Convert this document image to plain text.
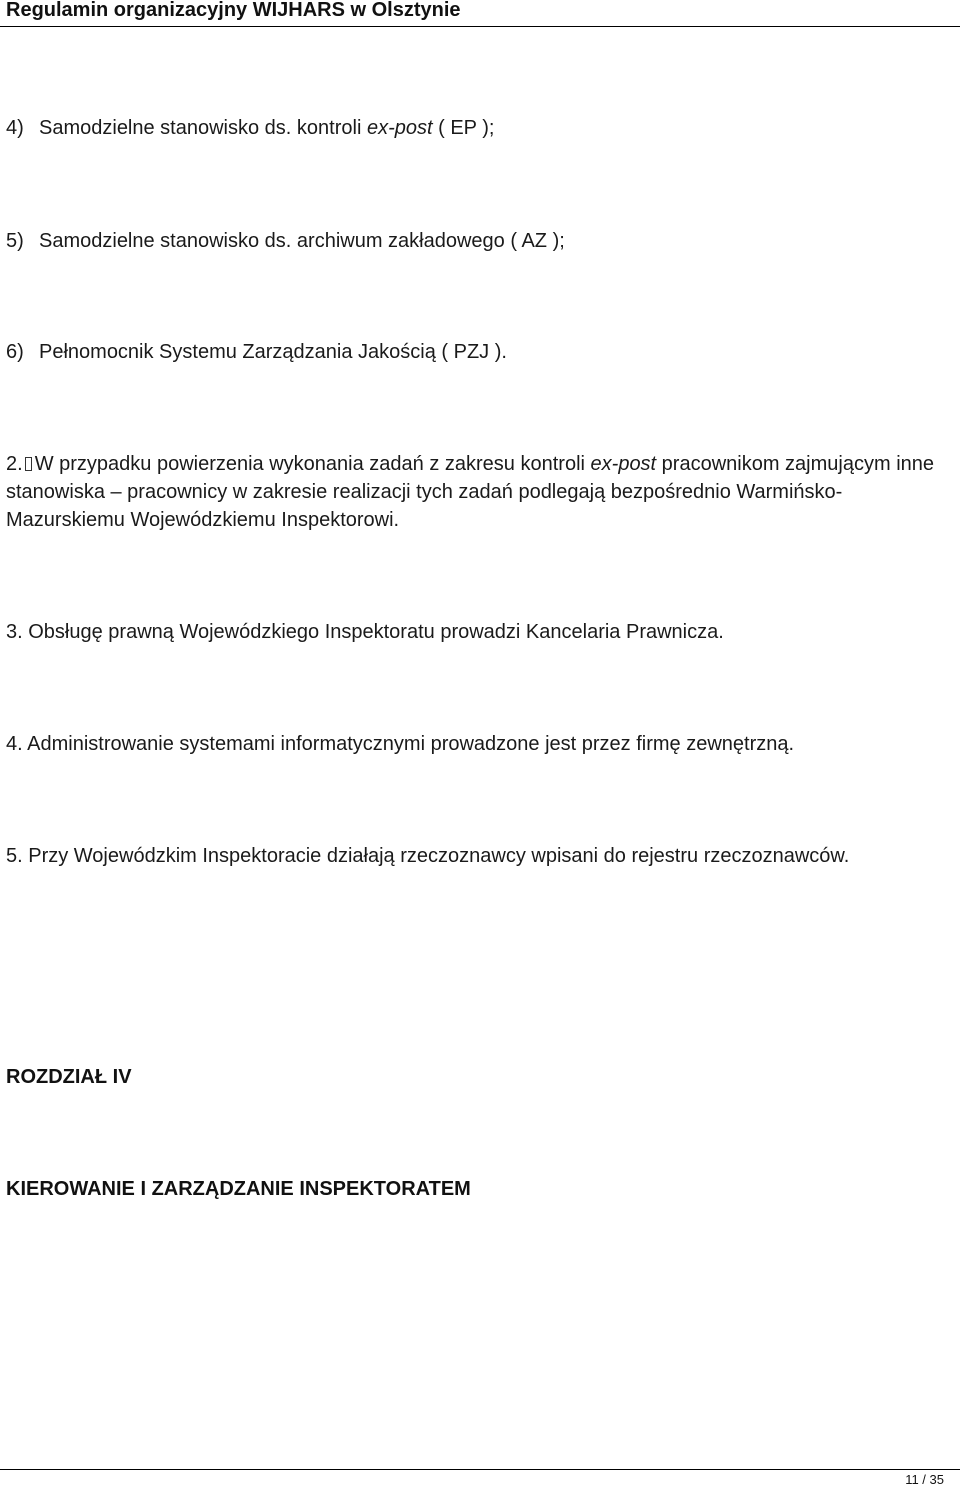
Regulamin organizacyjny WIJHARS w Olsztynie
4) Samodzielne stanowisko ds. kontroli ex-post ( EP );
5) Samodzielne stanowisko ds. archiwum zakładowego ( AZ );
6) Pełnomocnik Systemu Zarządzania Jakością ( PZJ ).
2. W przypadku powierzenia wykonania zadań z zakresu kontroli ex-post pracownikom zajmującym inne stanowiska – pracownicy w zakresie realizacji tych zadań podlegają bezpośrednio Warmińsko-Mazurskiemu Wojewódzkiemu Inspektorowi.
3. Obsługę prawną Wojewódzkiego Inspektoratu prowadzi Kancelaria Prawnicza.
4. Administrowanie systemami informatycznymi prowadzone jest przez firmę zewnętrzną.
5. Przy Wojewódzkim Inspektoracie działają rzeczoznawcy wpisani do rejestru rzeczoznawców.
ROZDZIAŁ IV
KIEROWANIE I ZARZĄDZANIE INSPEKTORATEM
11 / 35
